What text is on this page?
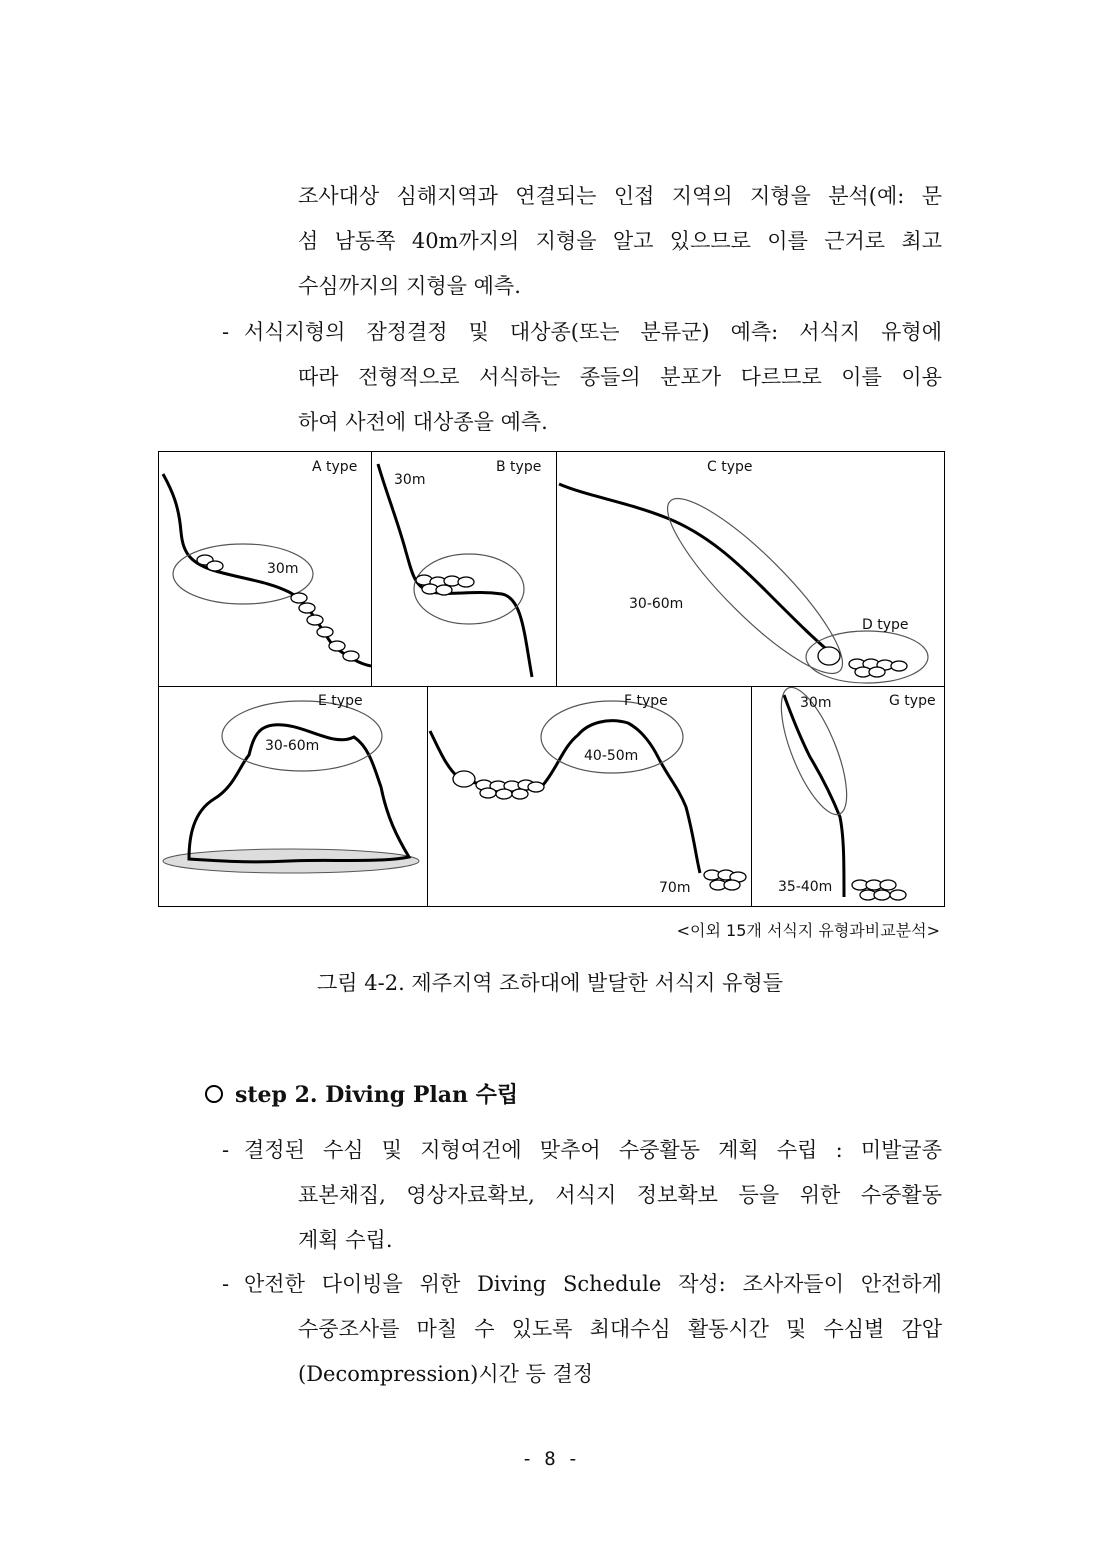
조사대상 심해지역과 연결되는 인접 지역의 지형을 분석(예: 문
섬 남동쪽 40m까지의 지형을 알고 있으므로 이를 근거로 최고
수심까지의 지형을 예측.
- 서식지형의 잠정결정 및 대상종(또는 분류군) 예측: 서식지 유형에
따라 전형적으로 서식하는 종들의 분포가 다르므로 이를 이용
하여 사전에 대상종을 예측.
A type
30m
B type
30m
C type
30-60m
D type
E type
30-60m
F type
40-50m
70m
G type
30m
35-40m
<이외 15개 서식지 유형과비교분석>
그림 4-2. 제주지역 조하대에 발달한 서식지 유형들
step 2. Diving Plan 수립
- 결정된 수심 및 지형여건에 맞추어 수중활동 계획 수립 : 미발굴종
표본채집, 영상자료확보, 서식지 정보확보 등을 위한 수중활동
계획 수립.
- 안전한 다이빙을 위한 Diving Schedule 작성: 조사자들이 안전하게
수중조사를 마칠 수 있도록 최대수심 활동시간 및 수심별 감압
(Decompression)시간 등 결정
- 8 -
